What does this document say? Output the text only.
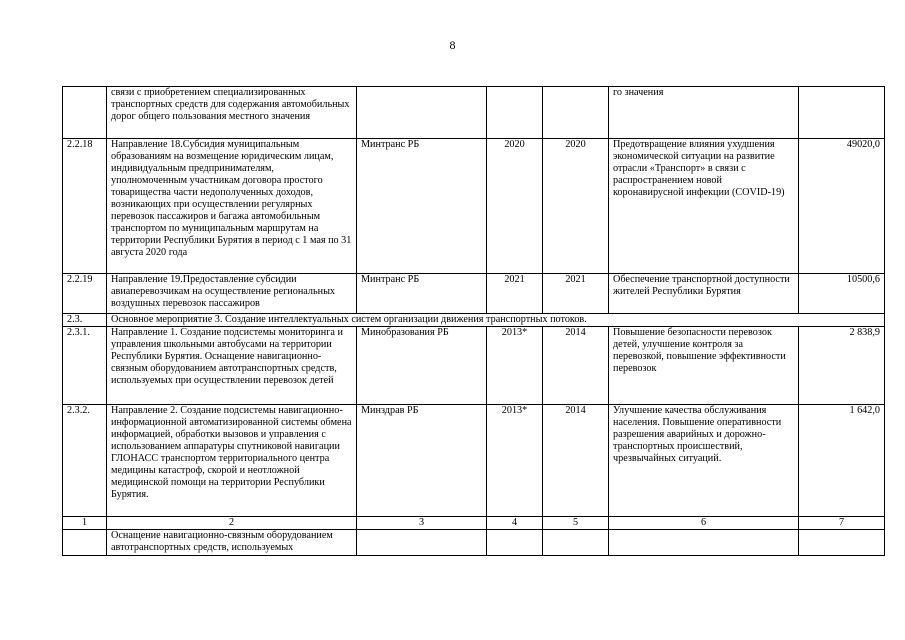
8
	связи с приобретением специализированных транспортных средств для содержания автомобильных дорог общего пользования местного значения				го значения	
2.2.18	Направление 18.Субсидия муниципальным образованиям на возмещение юридическим лицам, индивидуальным предпринимателям, уполномоченным участникам договора простого товарищества части недополученных доходов, возникающих при осуществлении регулярных перевозок пассажиров и багажа автомобильным транспортом по муниципальным маршрутам на территории Республики Бурятия в период с 1 мая по 31 августа 2020 года	Минтранс РБ	2020	2020	Предотвращение влияния ухудшения экономической ситуации на развитие отрасли «Транспорт» в связи с распространением новой коронавирусной инфекции (COVID-19)	49020,0
2.2.19	Направление 19.Предоставление субсидии авиаперевозчикам на осуществление региональных воздушных перевозок пассажиров	Минтранс РБ	2021	2021	Обеспечение транспортной доступности жителей Республики Бурятия	10500,6
2.3.	Основное мероприятие 3. Создание интеллектуальных систем организации движения транспортных потоков.					
2.3.1.	Направление 1. Создание подсистемы мониторинга и управления школьными автобусами на территории Республики Бурятия. Оснащение навигационно-связным оборудованием автотранспортных средств, используемых при осуществлении перевозок детей	Минобразования РБ	2013*	2014	Повышение безопасности перевозок детей, улучшение контроля за перевозкой, повышение эффективности перевозок	2 838,9
2.3.2.	Направление 2. Создание подсистемы навигационно-информационной автоматизированной системы обмена информацией, обработки вызовов и управления с использованием аппаратуры спутниковой навигации ГЛОНАСС транспортом территориального центра медицины катастроф, скорой и неотложной медицинской помощи на территории Республики Бурятия.	Минздрав РБ	2013*	2014	Улучшение качества обслуживания населения. Повышение оперативности разрешения аварийных и дорожно-транспортных происшествий, чрезвычайных ситуаций.	1 642,0
1	2	3	4	5	6	7
	Оснащение навигационно-связным оборудованием автотранспортных средств, используемых					
